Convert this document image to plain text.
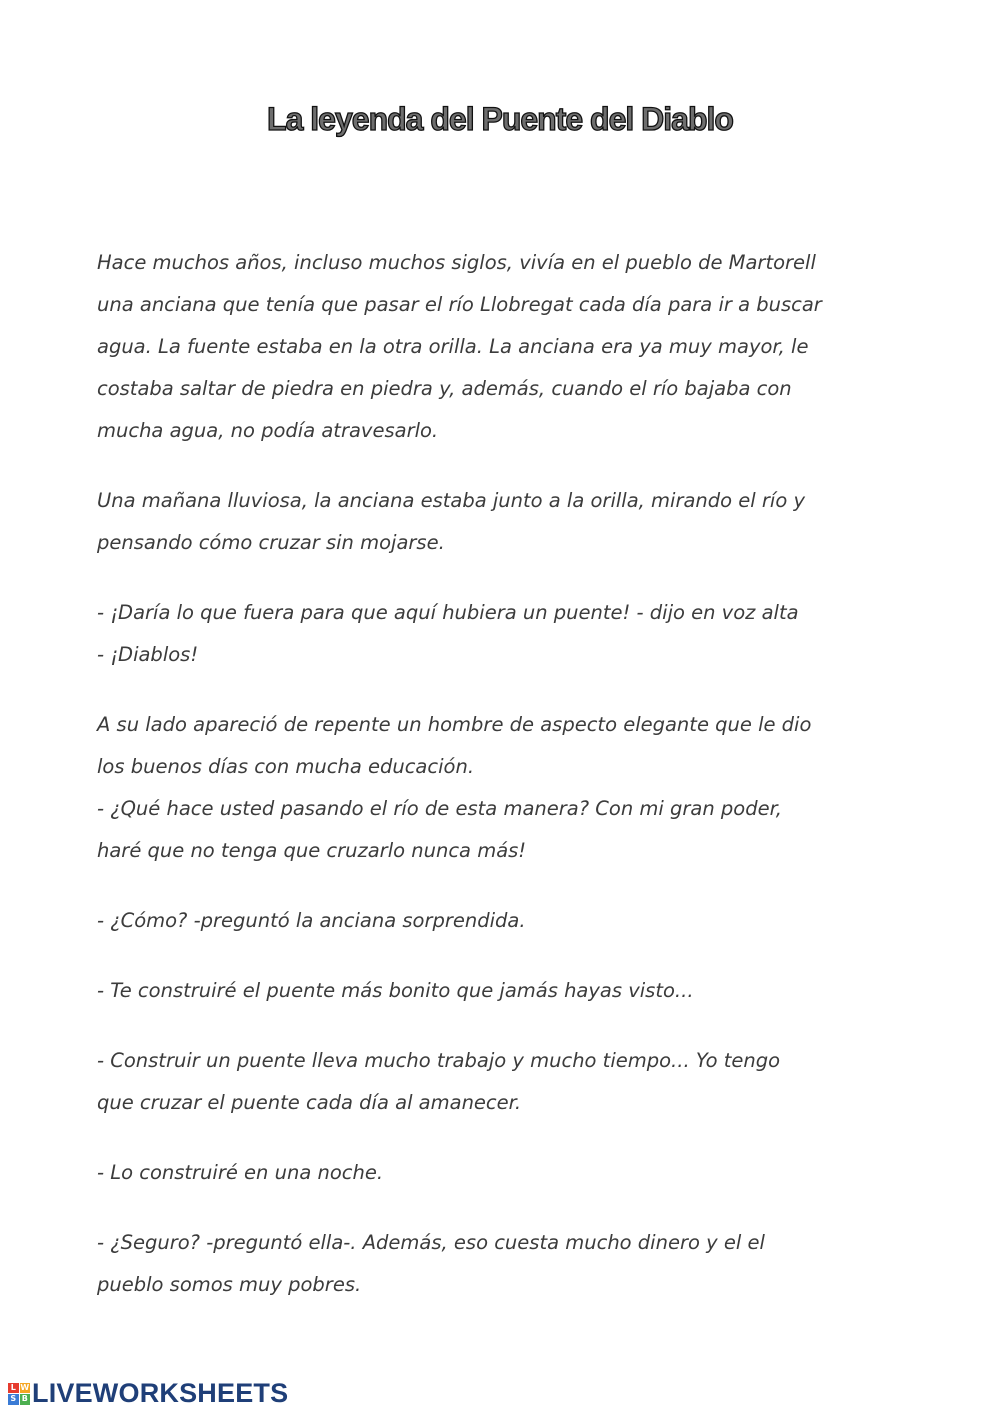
La leyenda del Puente del Diablo

Hace muchos años, incluso muchos siglos, vivía en el pueblo de Martorell
una anciana que tenía que pasar el río Llobregat cada día para ir a buscar
agua. La fuente estaba en la otra orilla. La anciana era ya muy mayor, le
costaba saltar de piedra en piedra y, además, cuando el río bajaba con
mucha agua, no podía atravesarlo.

Una mañana lluviosa, la anciana estaba junto a la orilla, mirando el río y
pensando cómo cruzar sin mojarse.

- ¡Daría lo que fuera para que aquí hubiera un puente! - dijo en voz alta
- ¡Diablos!

A su lado apareció de repente un hombre de aspecto elegante que le dio
los buenos días con mucha educación.
- ¿Qué hace usted pasando el río de esta manera? Con mi gran poder,
haré que no tenga que cruzarlo nunca más!

- ¿Cómo? -preguntó la anciana sorprendida.

- Te construiré el puente más bonito que jamás hayas visto...

- Construir un puente lleva mucho trabajo y mucho tiempo... Yo tengo
que cruzar el puente cada día al amanecer.

- Lo construiré en una noche.

- ¿Seguro? -preguntó ella-. Además, eso cuesta mucho dinero y el el
pueblo somos muy pobres.

L W
S B LIVEWORKSHEETS
